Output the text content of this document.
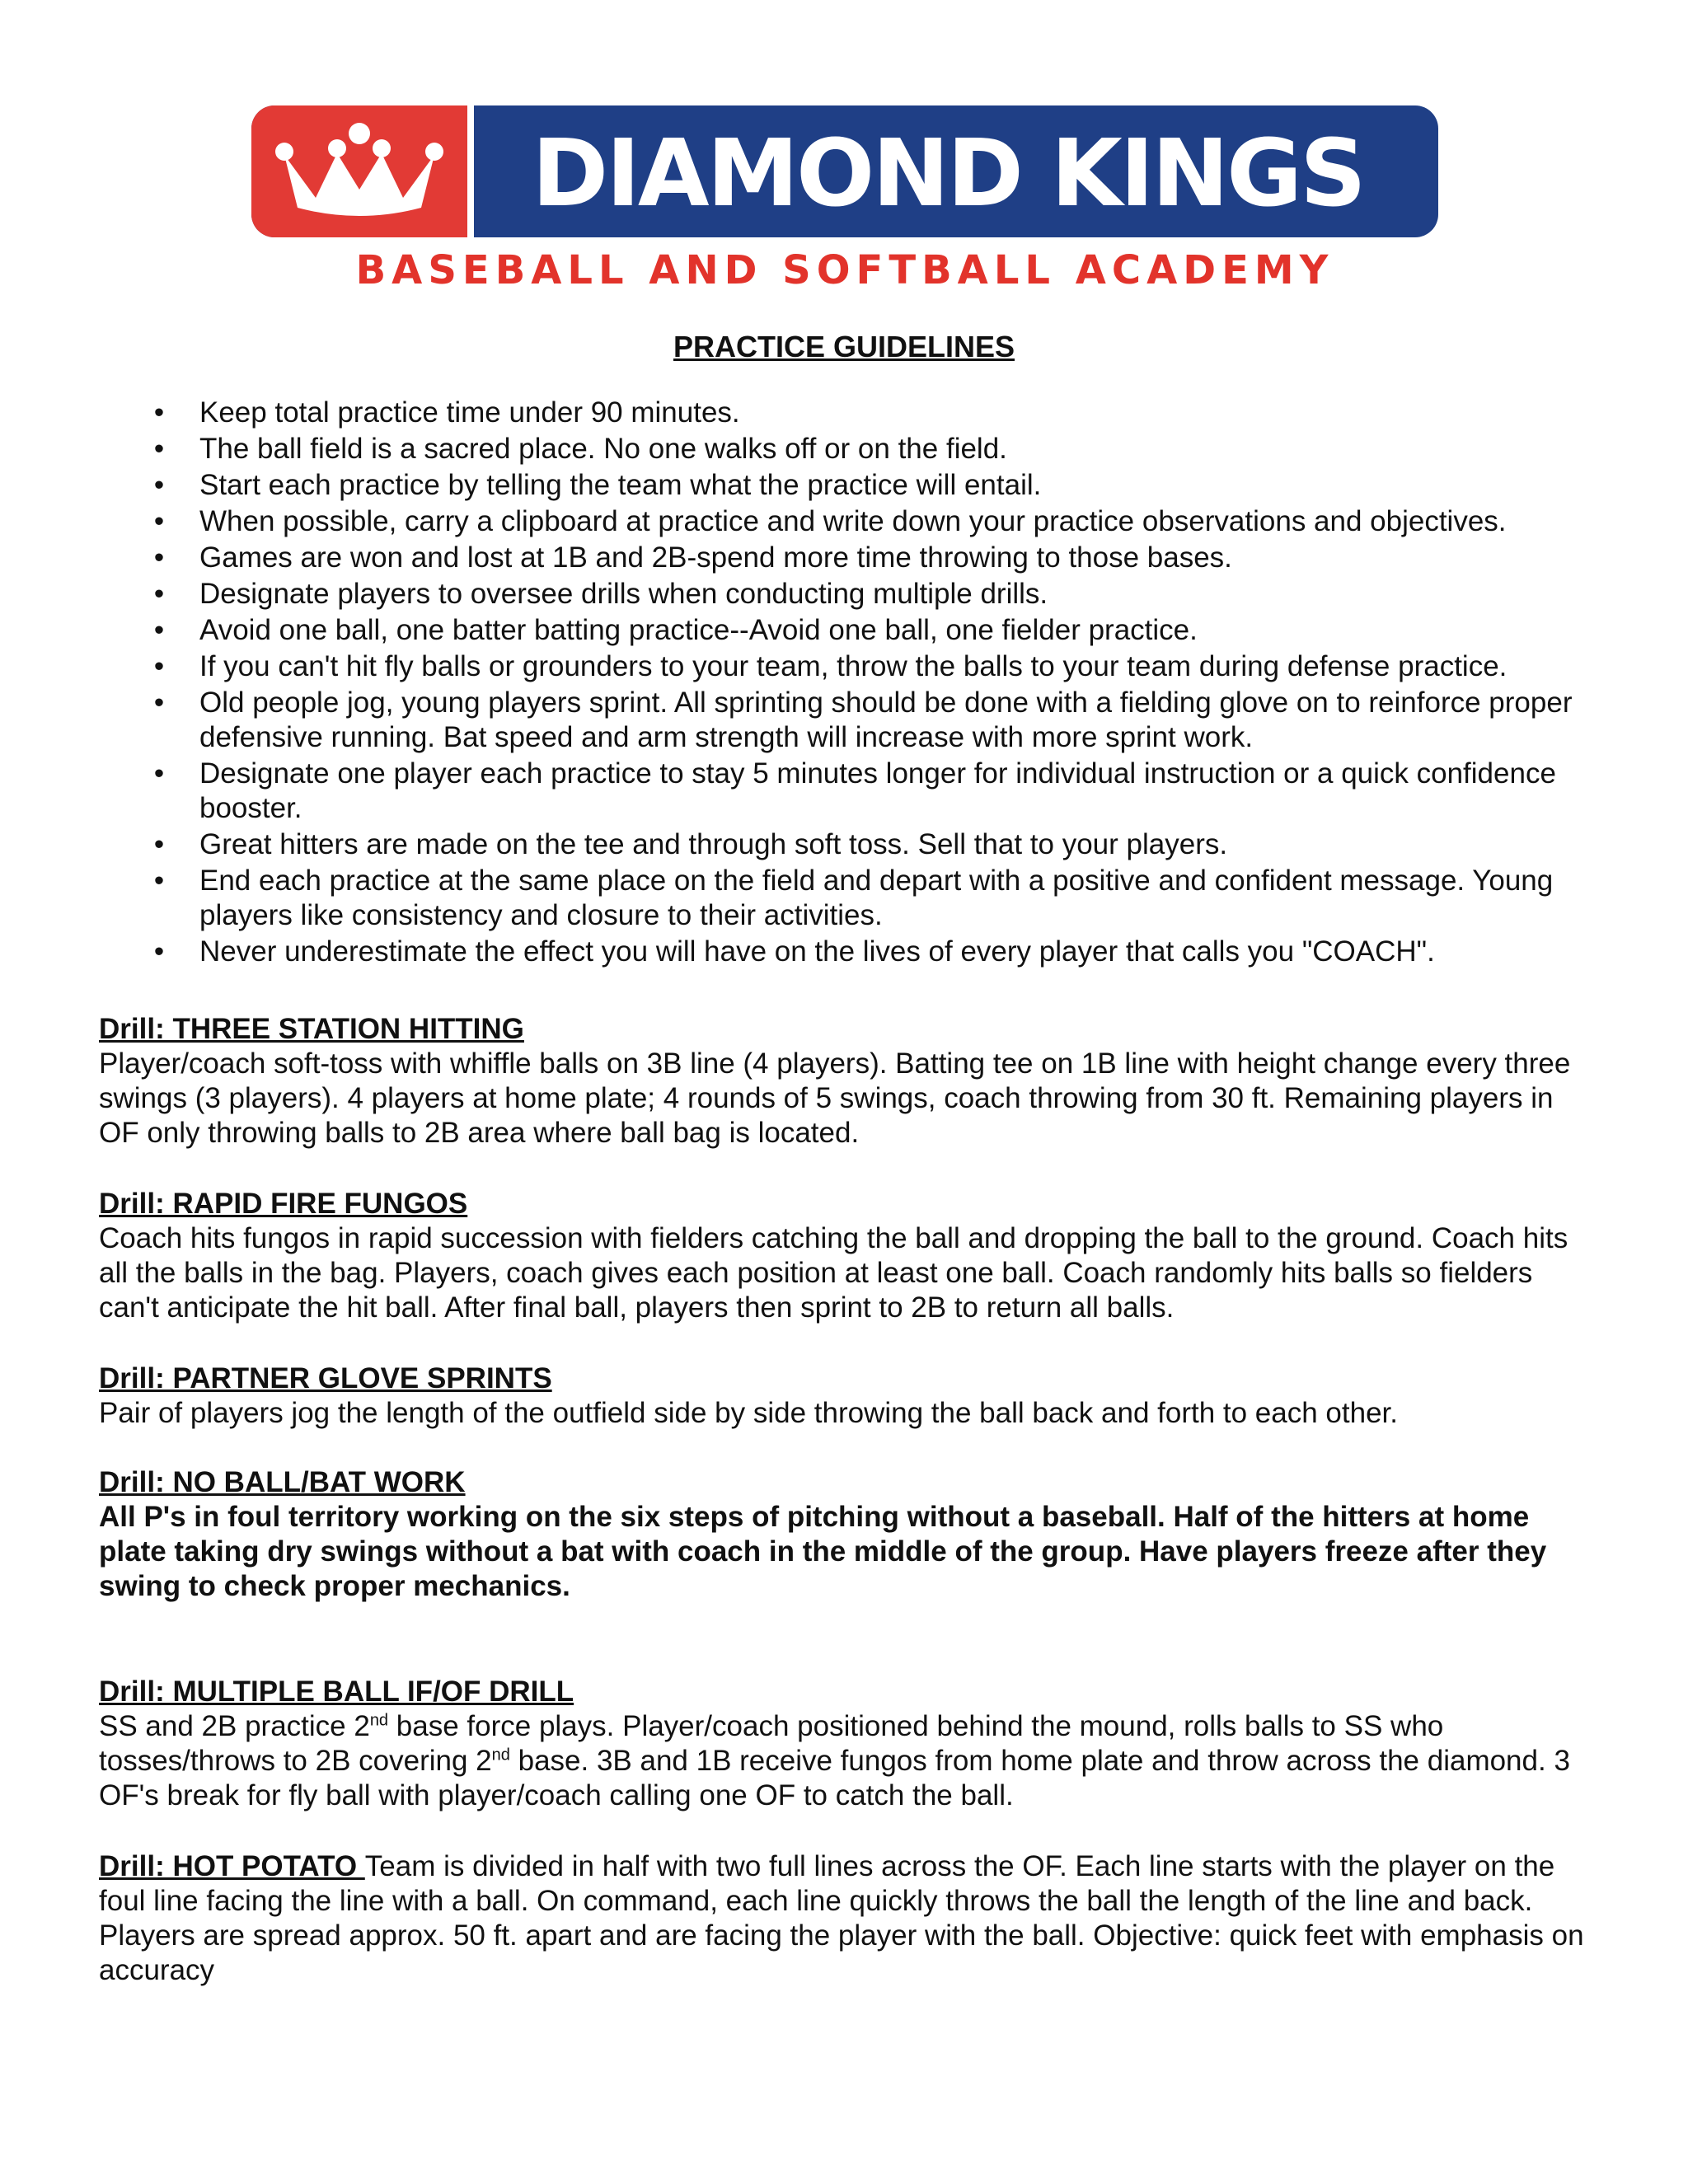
DIAMOND KINGS
BASEBALL AND SOFTBALL ACADEMY
PRACTICE GUIDELINES
• Keep total practice time under 90 minutes.
• The ball field is a sacred place. No one walks off or on the field.
• Start each practice by telling the team what the practice will entail.
• When possible, carry a clipboard at practice and write down your practice observations and objectives.
• Games are won and lost at 1B and 2B-spend more time throwing to those bases.
• Designate players to oversee drills when conducting multiple drills.
• Avoid one ball, one batter batting practice--Avoid one ball, one fielder practice.
• If you can't hit fly balls or grounders to your team, throw the balls to your team during defense practice.
• Old people jog, young players sprint. All sprinting should be done with a fielding glove on to reinforce proper defensive running. Bat speed and arm strength will increase with more sprint work.
• Designate one player each practice to stay 5 minutes longer for individual instruction or a quick confidence booster.
• Great hitters are made on the tee and through soft toss. Sell that to your players.
• End each practice at the same place on the field and depart with a positive and confident message. Young players like consistency and closure to their activities.
• Never underestimate the effect you will have on the lives of every player that calls you "COACH".
Drill: THREE STATION HITTING
Player/coach soft-toss with whiffle balls on 3B line (4 players). Batting tee on 1B line with height change every three swings (3 players). 4 players at home plate; 4 rounds of 5 swings, coach throwing from 30 ft. Remaining players in OF only throwing balls to 2B area where ball bag is located.
Drill: RAPID FIRE FUNGOS
Coach hits fungos in rapid succession with fielders catching the ball and dropping the ball to the ground. Coach hits all the balls in the bag. Players, coach gives each position at least one ball. Coach randomly hits balls so fielders can't anticipate the hit ball. After final ball, players then sprint to 2B to return all balls.
Drill: PARTNER GLOVE SPRINTS
Pair of players jog the length of the outfield side by side throwing the ball back and forth to each other.
Drill: NO BALL/BAT WORK
All P's in foul territory working on the six steps of pitching without a baseball. Half of the hitters at home plate taking dry swings without a bat with coach in the middle of the group. Have players freeze after they swing to check proper mechanics.
Drill: MULTIPLE BALL IF/OF DRILL
SS and 2B practice 2nd base force plays. Player/coach positioned behind the mound, rolls balls to SS who tosses/throws to 2B covering 2nd base. 3B and 1B receive fungos from home plate and throw across the diamond. 3 OF's break for fly ball with player/coach calling one OF to catch the ball.
Drill: HOT POTATO Team is divided in half with two full lines across the OF. Each line starts with the player on the foul line facing the line with a ball. On command, each line quickly throws the ball the length of the line and back. Players are spread approx. 50 ft. apart and are facing the player with the ball. Objective: quick feet with emphasis on accuracy
